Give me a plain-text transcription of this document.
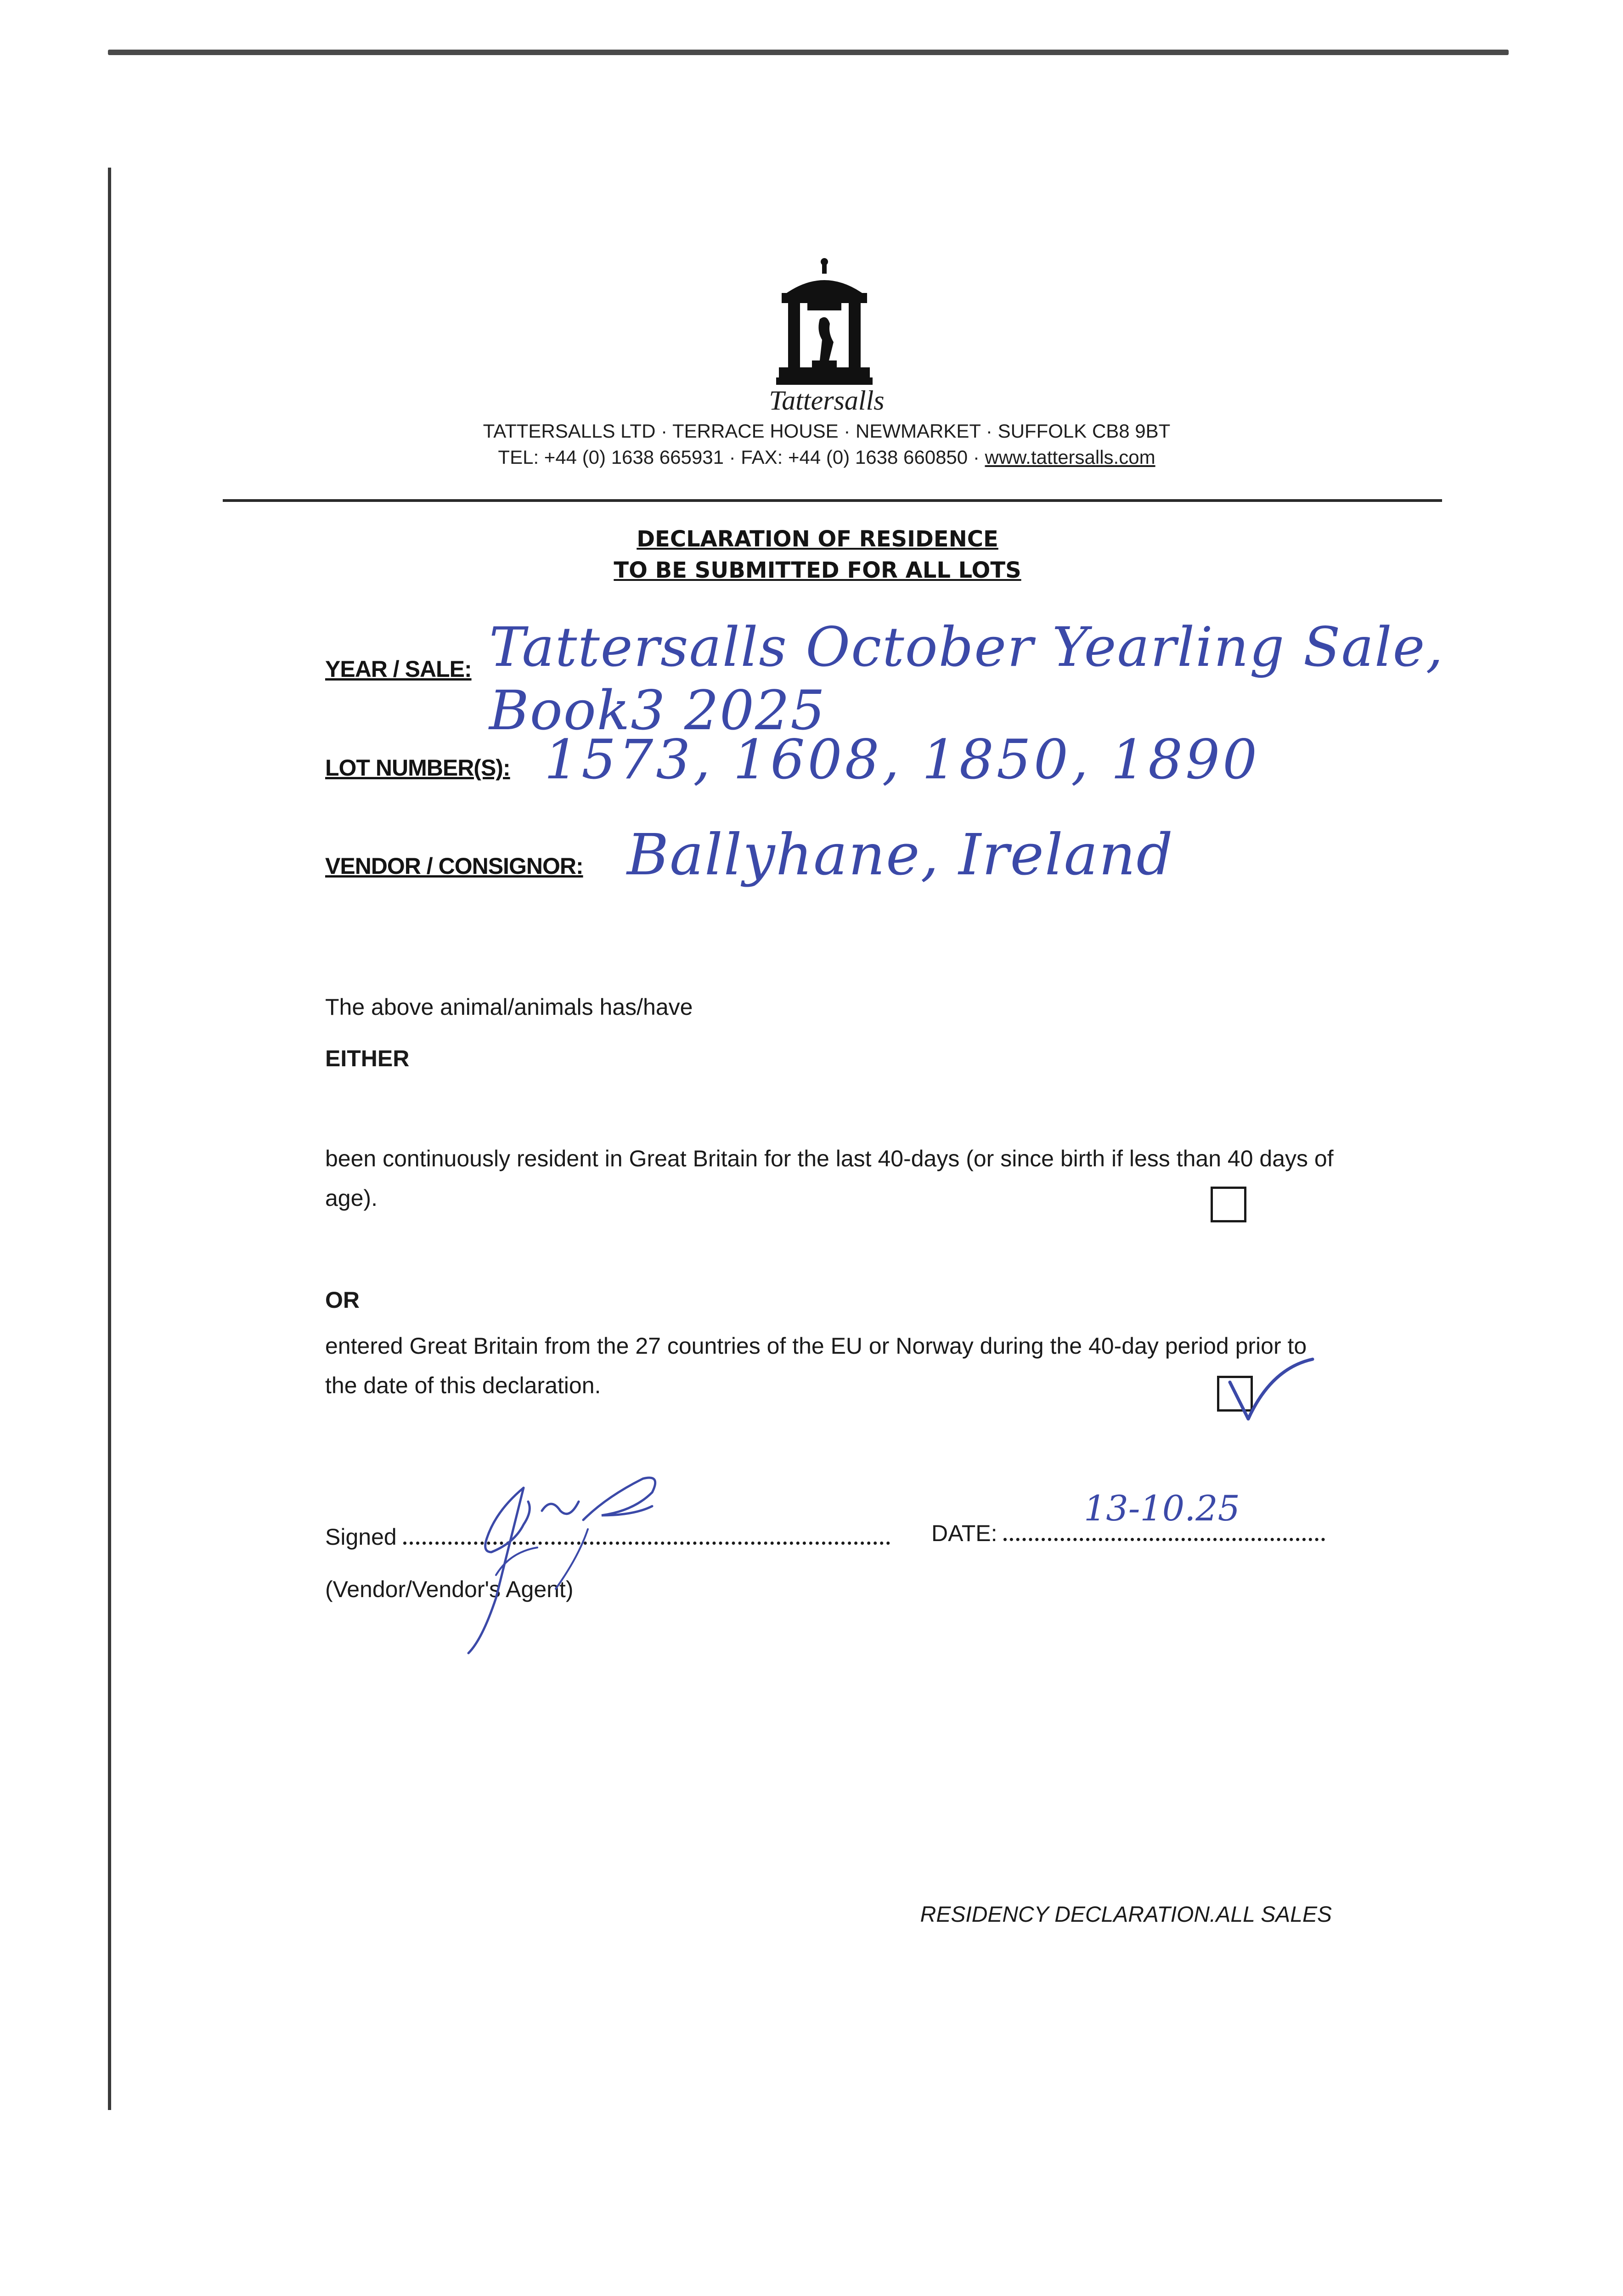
Tattersalls
TATTERSALLS LTD · TERRACE HOUSE · NEWMARKET · SUFFOLK CB8 9BT
TEL: +44 (0) 1638 665931 · FAX: +44 (0) 1638 660850 · www.tattersalls.com
DECLARATION OF RESIDENCE
TO BE SUBMITTED FOR ALL LOTS
YEAR / SALE: Tattersalls October Yearling Sale, Book3 2025
LOT NUMBER(S): 1573, 1608, 1850, 1890
VENDOR / CONSIGNOR: Ballyhane, Ireland
The above animal/animals has/have
EITHER
been continuously resident in Great Britain for the last 40-days (or since birth if less than 40 days of age).
OR
entered Great Britain from the 27 countries of the EU or Norway during the 40-day period prior to the date of this declaration.
Signed	DATE:
13-10.25
(Vendor/Vendor's Agent)
RESIDENCY DECLARATION.ALL SALES
